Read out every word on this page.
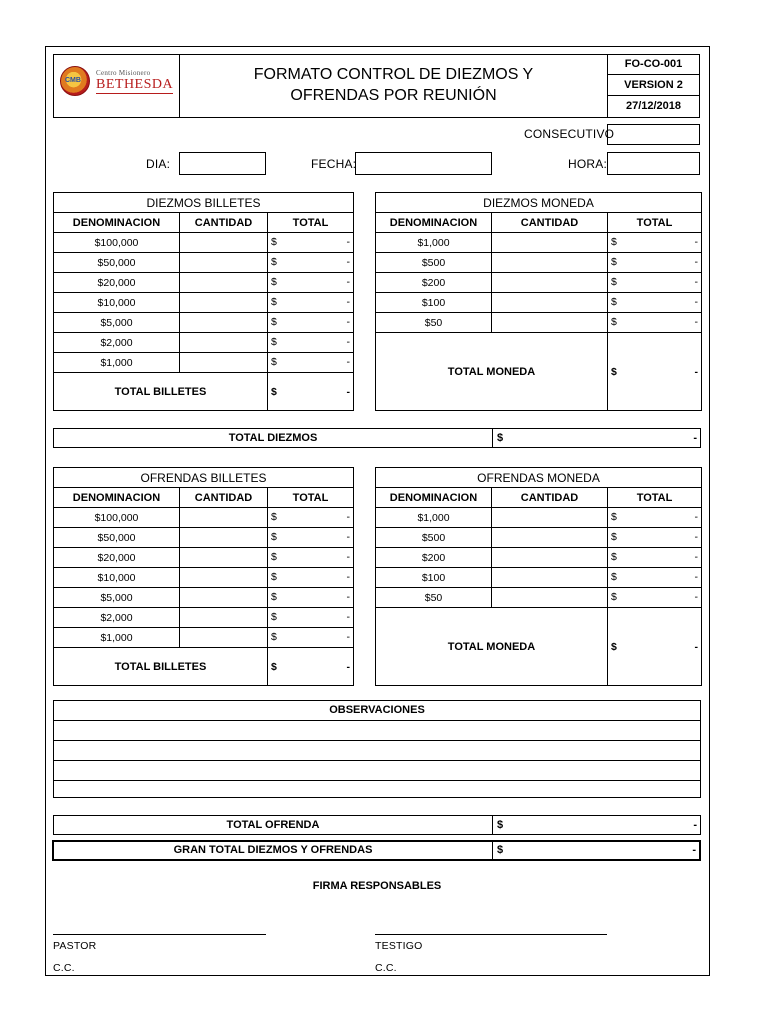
CMB
Centro Misionero
BETHESDA
FORMATO CONTROL DE DIEZMOS Y OFRENDAS POR REUNIÓN
FO-CO-001
VERSION 2
27/12/2018
CONSECUTIVO
DIA:	FECHA:	HORA:
DIEZMOS BILLETES		
DENOMINACION	CANTIDAD	TOTAL
$100,000		$ -

$50,000		$ -

$20,000		$ -

$10,000		$ -

$5,000		$ -

$2,000		$ -

$1,000		$ -

TOTAL BILLETES		$ -
DIEZMOS MONEDA		
DENOMINACION	CANTIDAD	TOTAL
$1,000		$ -

$500		$ -

$200		$ -

$100		$ -

$50		$ -

TOTAL MONEDA		$ -
TOTAL DIEZMOS	$	-
OFRENDAS BILLETES		
DENOMINACION	CANTIDAD	TOTAL
$100,000		$ -

$50,000		$ -

$20,000		$ -

$10,000		$ -

$5,000		$ -

$2,000		$ -

$1,000		$ -

TOTAL BILLETES		$ -
OFRENDAS MONEDA		
DENOMINACION	CANTIDAD	TOTAL
$1,000		$ -

$500		$ -

$200		$ -

$100		$ -

$50		$ -

TOTAL MONEDA		$ -
OBSERVACIONES
TOTAL OFRENDA	$	-
GRAN TOTAL DIEZMOS Y OFRENDAS	$	-
FIRMA RESPONSABLES
PASTOR
C.C.
TESTIGO
C.C.
